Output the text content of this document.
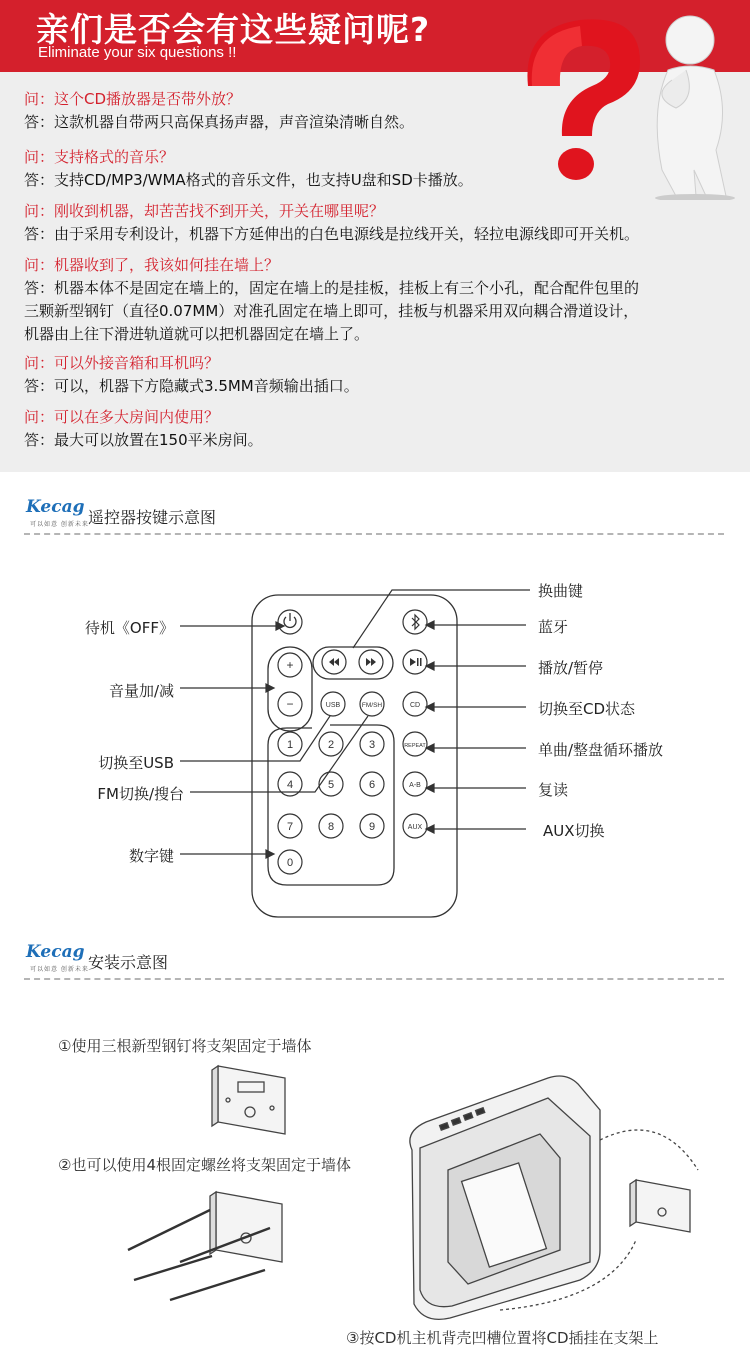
亲们是否会有这些疑问呢?
Eliminate your six questions !!
问：这个CD播放器是否带外放？
答：这款机器自带两只高保真扬声器，声音渲染清晰自然。
问：支持格式的音乐？
答：支持CD/MP3/WMA格式的音乐文件，也支持U盘和SD卡播放。
问：刚收到机器，却苦苦找不到开关，开关在哪里呢？
答：由于采用专利设计，机器下方延伸出的白色电源线是拉线开关，轻拉电源线即可开关机。
问：机器收到了，我该如何挂在墙上？
答：机器本体不是固定在墙上的，固定在墙上的是挂板，挂板上有三个小孔，配合配件包里的
三颗新型钢钉（直径0.07MM）对准孔固定在墙上即可，挂板与机器采用双向耦合滑道设计，
机器由上往下滑进轨道就可以把机器固定在墙上了。
问：可以外接音箱和耳机吗？
答：可以，机器下方隐藏式3.5MM音频输出插口。
问：可以在多大房间内使用？
答：最大可以放置在150平米房间。
Kecag
可以如意 创新未来 遥控器按键示意图
+
−	USB	FM/SH	CD
1	2	3	REPEAT
4	5	6	A-B
7	8	9	AUX
0
待机《OFF》
音量加/减
切换至USB
FM切换/搜台
数字键
换曲键
蓝牙
播放/暂停
切换至CD状态
单曲/整盘循环播放
复读
AUX切换
Kecag
可以如意 创新未来 安装示意图
①使用三根新型钢钉将支架固定于墙体
②也可以使用4根固定螺丝将支架固定于墙体
③按CD机主机背壳凹槽位置将CD插挂在支架上
